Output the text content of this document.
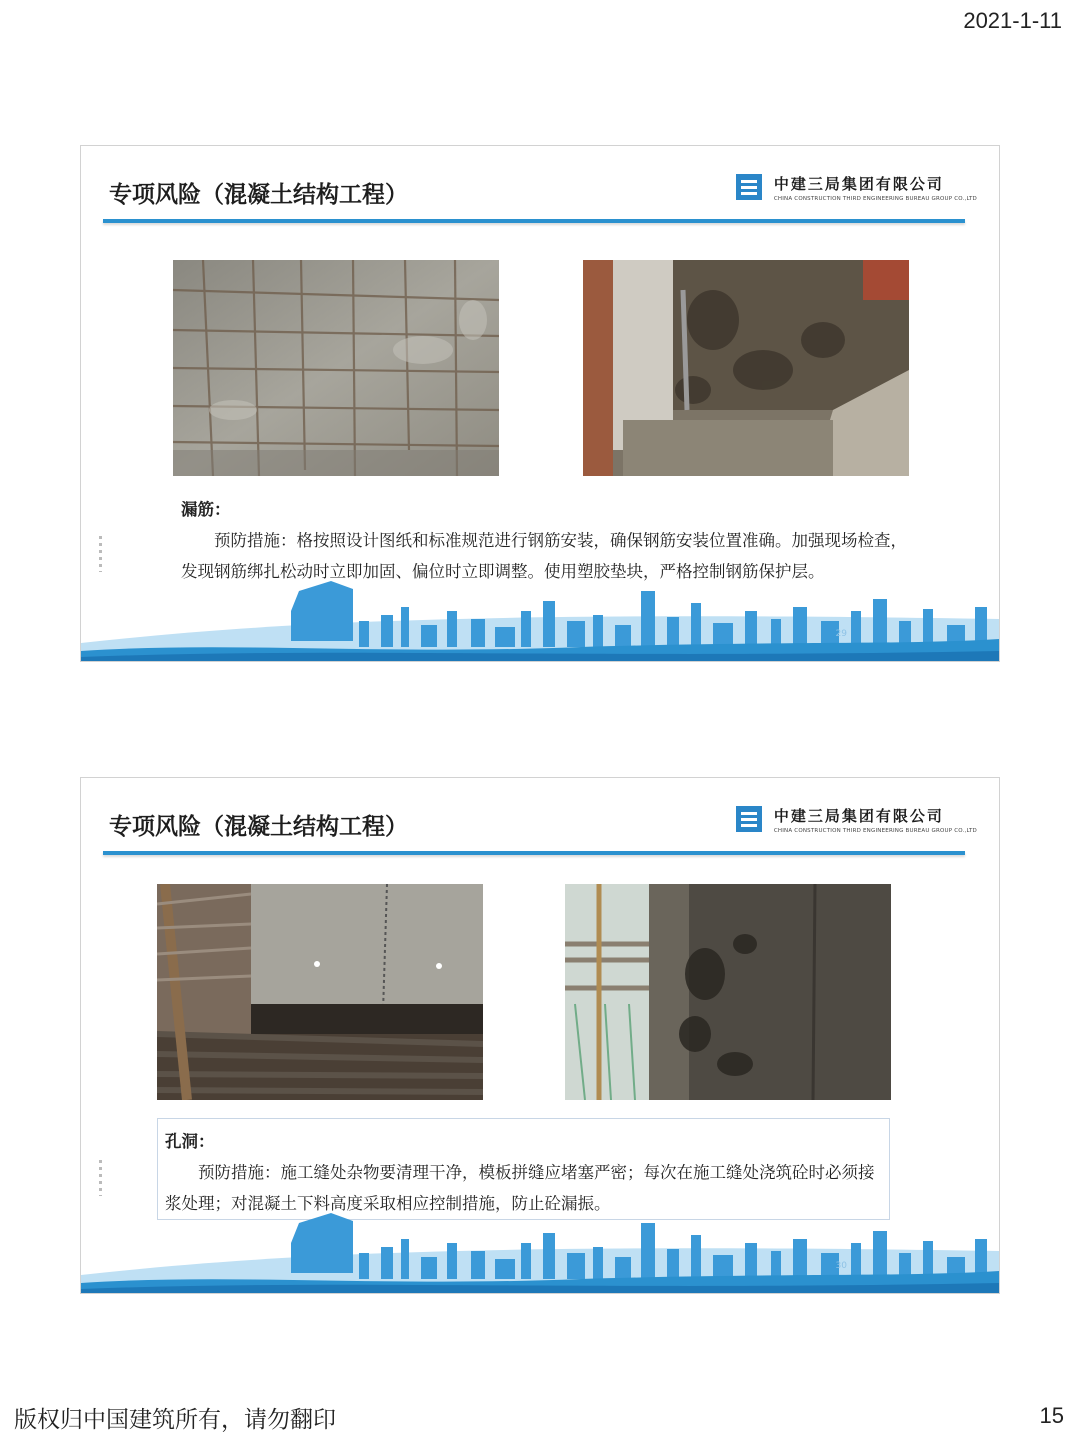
2021-1-11
专项风险（混凝土结构工程）	中建三局集团有限公司
CHINA CONSTRUCTION THIRD ENGINEERING BUREAU GROUP CO.,LTD
漏筋：
预防措施：格按照设计图纸和标准规范进行钢筋安装，确保钢筋安装位置准确。加强现场检查，发现钢筋绑扎松动时立即加固、偏位时立即调整。使用塑胶垫块，严格控制钢筋保护层。
29
专项风险（混凝土结构工程）	中建三局集团有限公司
CHINA CONSTRUCTION THIRD ENGINEERING BUREAU GROUP CO.,LTD
孔洞：
预防措施：施工缝处杂物要清理干净，模板拼缝应堵塞严密；每次在施工缝处浇筑砼时必须接浆处理；对混凝土下料高度采取相应控制措施，防止砼漏振。
30
版权归中国建筑所有，请勿翻印	15
